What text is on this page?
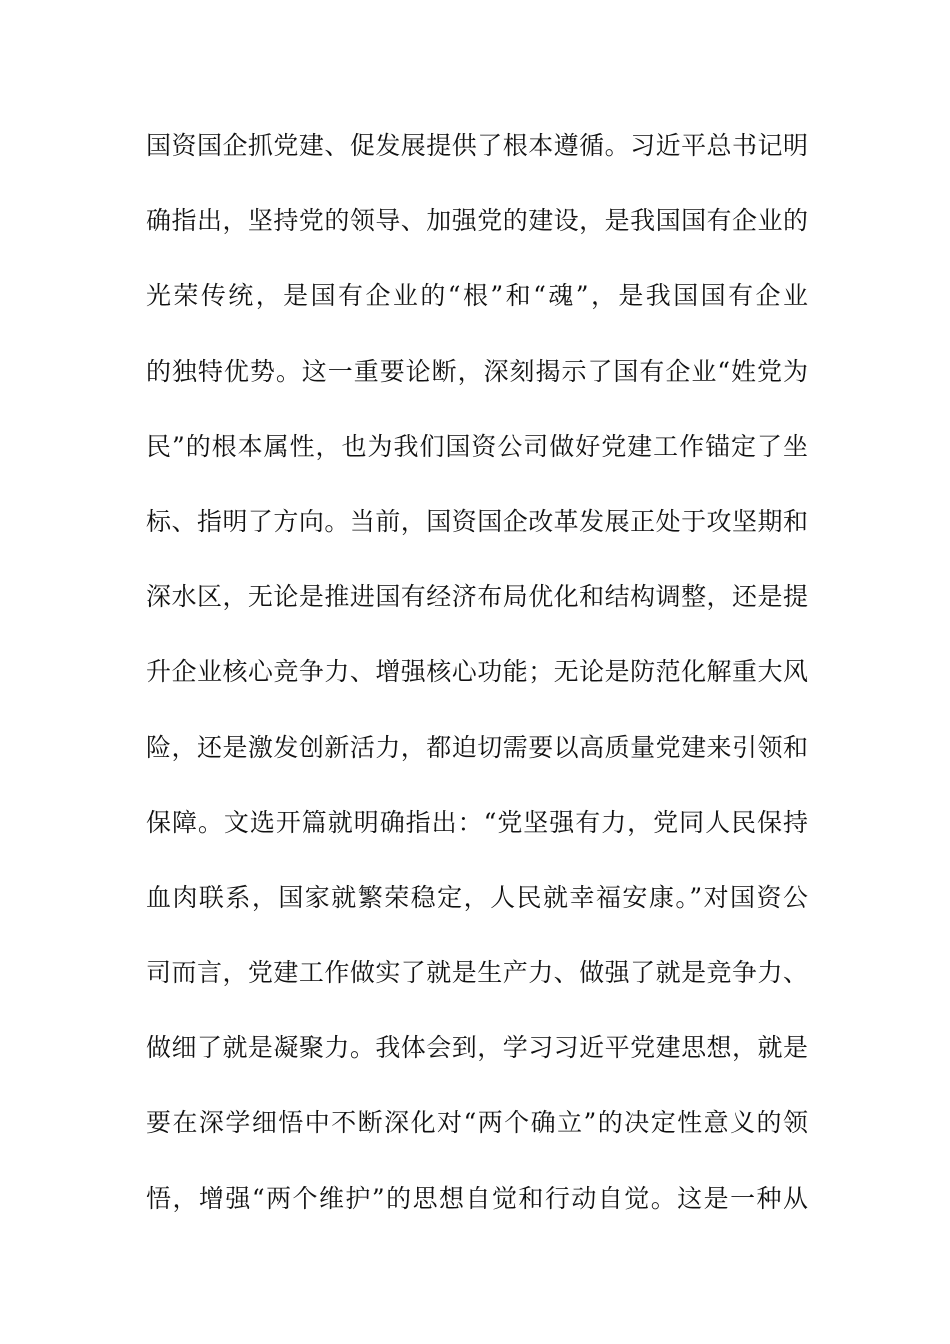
国资国企抓党建、促发展提供了根本遵循。习近平总书记明
确指出，坚持党的领导、加强党的建设，是我国国有企业的
光荣传统，是国有企业的“根”和“魂”，是我国国有企业
的独特优势。这一重要论断，深刻揭示了国有企业“姓党为
民”的根本属性，也为我们国资公司做好党建工作锚定了坐
标、指明了方向。当前，国资国企改革发展正处于攻坚期和
深水区，无论是推进国有经济布局优化和结构调整，还是提
升企业核心竞争力、增强核心功能；无论是防范化解重大风
险，还是激发创新活力，都迫切需要以高质量党建来引领和
保障。文选开篇就明确指出：“党坚强有力，党同人民保持
血肉联系，国家就繁荣稳定，人民就幸福安康。”对国资公
司而言，党建工作做实了就是生产力、做强了就是竞争力、
做细了就是凝聚力。我体会到，学习习近平党建思想，就是
要在深学细悟中不断深化对“两个确立”的决定性意义的领
悟，增强“两个维护”的思想自觉和行动自觉。这是一种从
